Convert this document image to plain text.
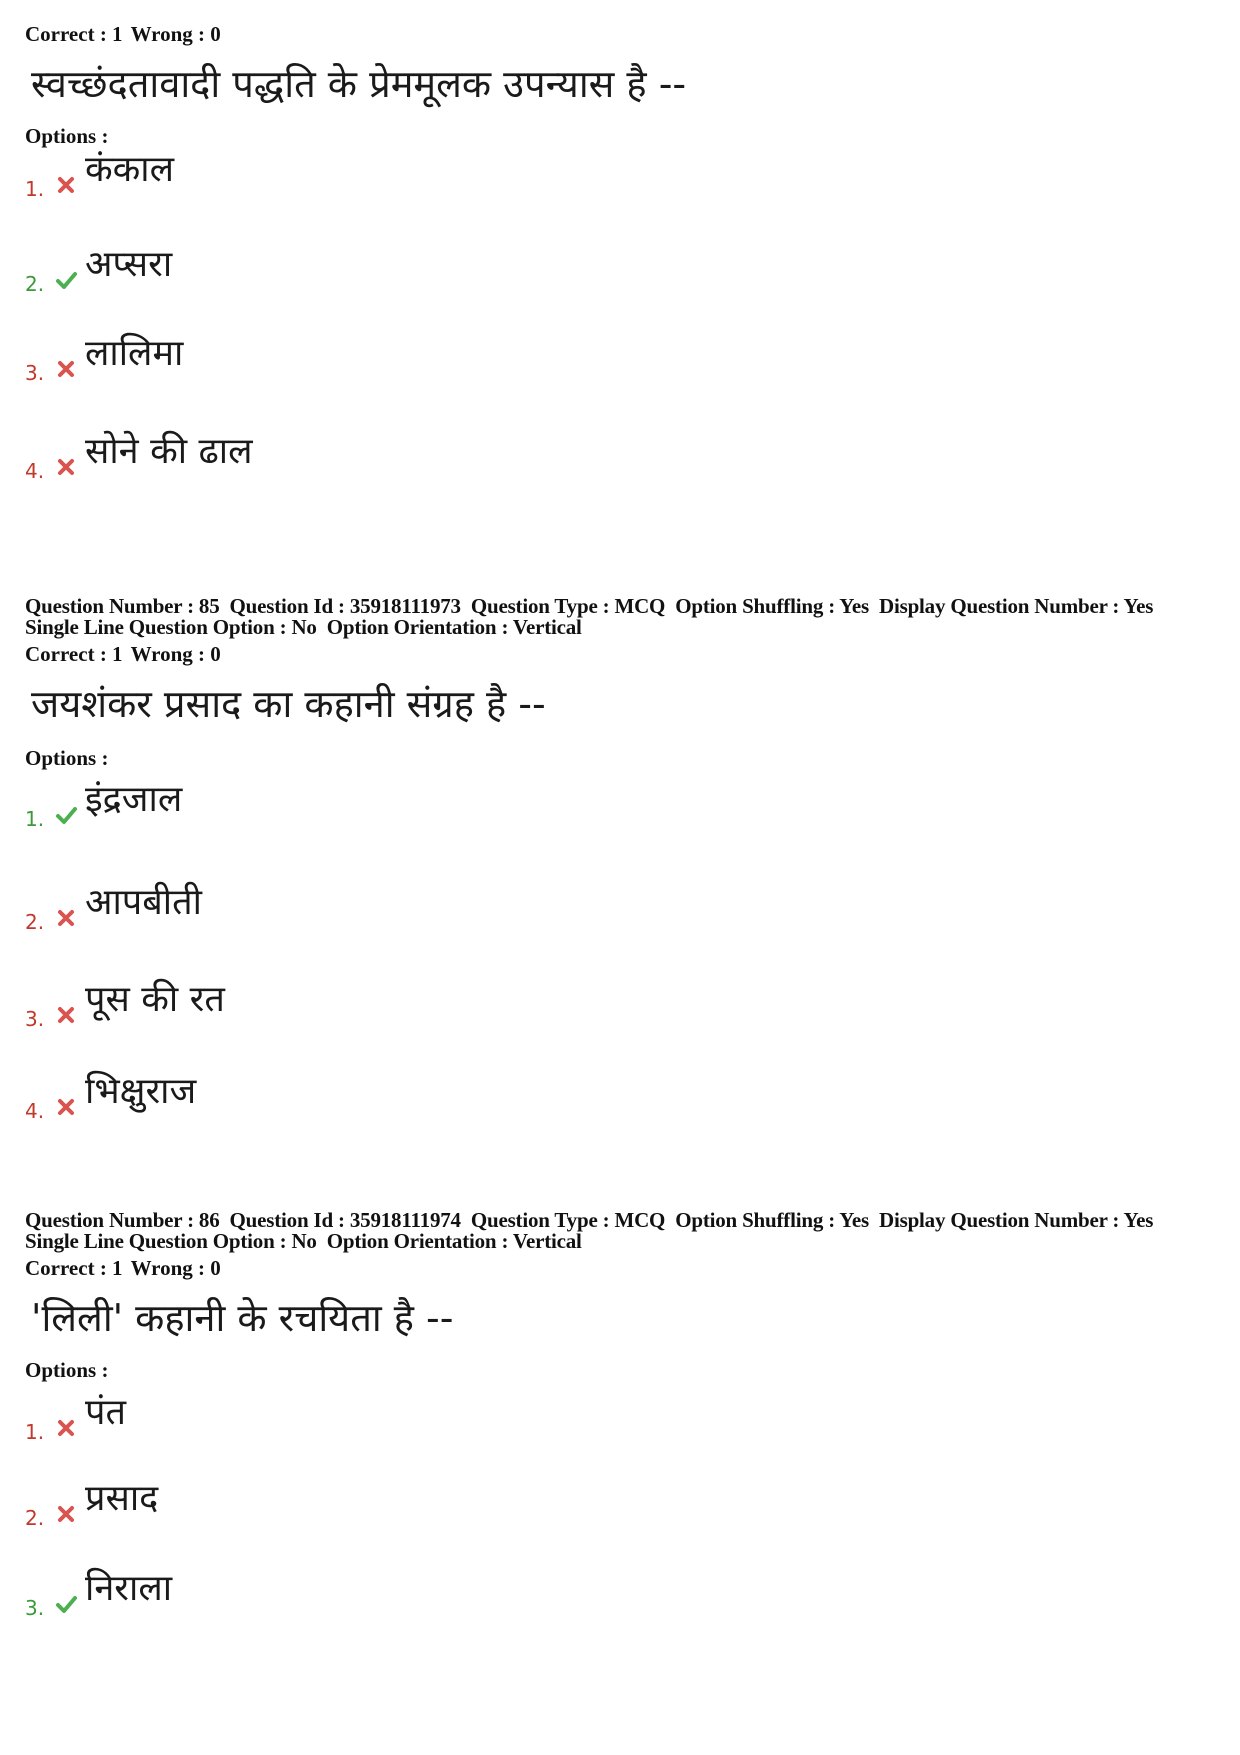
Correct : 1 Wrong : 0
स्वच्छंदतावादी पद्धति के प्रेममूलक उपन्यास है --
Options :
1. कंकाल
2. अप्सरा
3. लालिमा
4. सोने की ढाल
Question Number : 85 Question Id : 35918111973 Question Type : MCQ Option Shuffling : Yes Display Question Number : Yes
Single Line Question Option : No Option Orientation : Vertical
Correct : 1 Wrong : 0
जयशंकर प्रसाद का कहानी संग्रह है --
Options :
1. इंद्रजाल
2. आपबीती
3. पूस की रत
4. भिक्षुराज
Question Number : 86 Question Id : 35918111974 Question Type : MCQ Option Shuffling : Yes Display Question Number : Yes
Single Line Question Option : No Option Orientation : Vertical
Correct : 1 Wrong : 0
'लिली' कहानी के रचयिता है --
Options :
1. पंत
2. प्रसाद
3. निराला
